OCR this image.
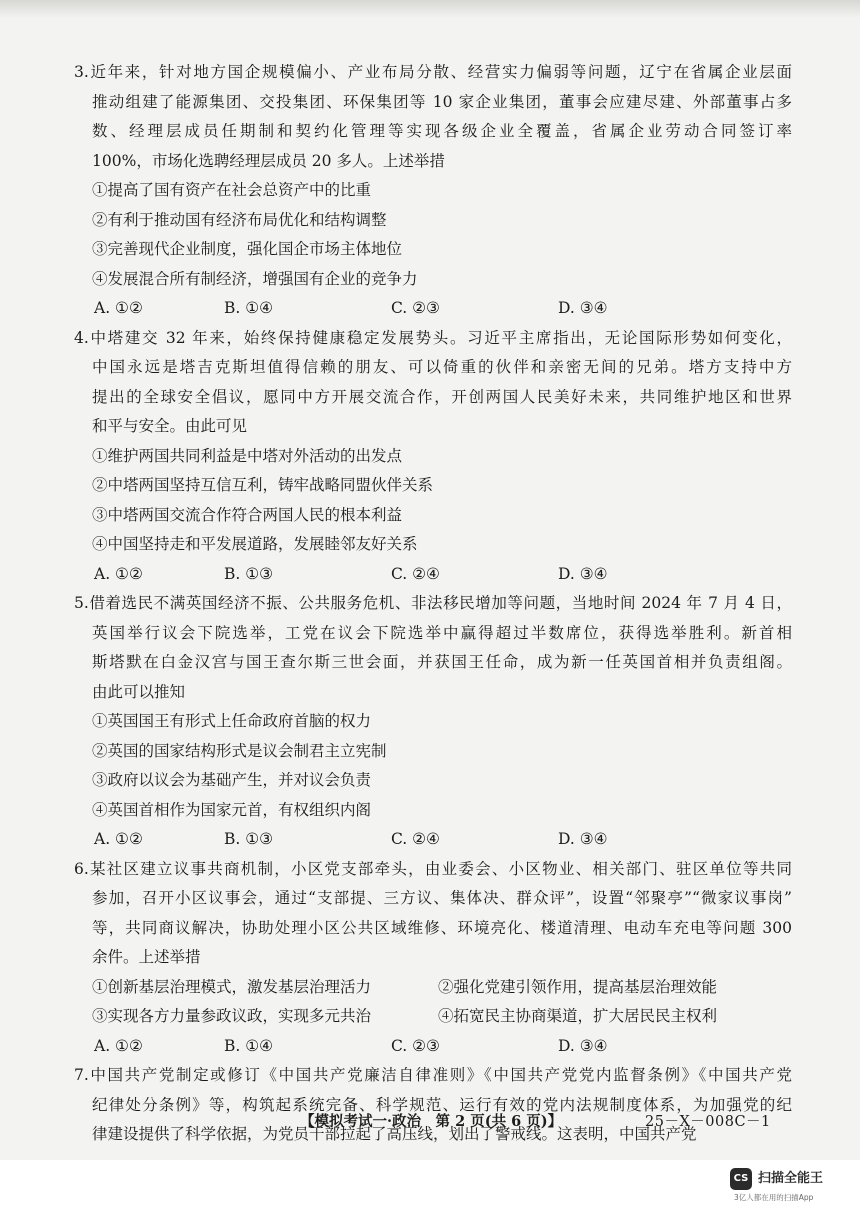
3.近年来，针对地方国企规模偏小、产业布局分散、经营实力偏弱等问题，辽宁在省属企业层面
推动组建了能源集团、交投集团、环保集团等 10 家企业集团，董事会应建尽建、外部董事占多
数、经理层成员任期制和契约化管理等实现各级企业全覆盖，省属企业劳动合同签订率
100%，市场化选聘经理层成员 20 多人。上述举措
①提高了国有资产在社会总资产中的比重
②有利于推动国有经济布局优化和结构调整
③完善现代企业制度，强化国企市场主体地位
④发展混合所有制经济，增强国有企业的竞争力
A. ①②	B. ①④	C. ②③	D. ③④
4.中塔建交 32 年来，始终保持健康稳定发展势头。习近平主席指出，无论国际形势如何变化，
中国永远是塔吉克斯坦值得信赖的朋友、可以倚重的伙伴和亲密无间的兄弟。塔方支持中方
提出的全球安全倡议，愿同中方开展交流合作，开创两国人民美好未来，共同维护地区和世界
和平与安全。由此可见
①维护两国共同利益是中塔对外活动的出发点
②中塔两国坚持互信互利，铸牢战略同盟伙伴关系
③中塔两国交流合作符合两国人民的根本利益
④中国坚持走和平发展道路，发展睦邻友好关系
A. ①②	B. ①③	C. ②④	D. ③④
5.借着选民不满英国经济不振、公共服务危机、非法移民增加等问题，当地时间 2024 年 7 月 4 日，
英国举行议会下院选举，工党在议会下院选举中赢得超过半数席位，获得选举胜利。新首相
斯塔默在白金汉宫与国王查尔斯三世会面，并获国王任命，成为新一任英国首相并负责组阁。
由此可以推知
①英国国王有形式上任命政府首脑的权力
②英国的国家结构形式是议会制君主立宪制
③政府以议会为基础产生，并对议会负责
④英国首相作为国家元首，有权组织内阁
A. ①②	B. ①③	C. ②④	D. ③④
6.某社区建立议事共商机制，小区党支部牵头，由业委会、小区物业、相关部门、驻区单位等共同
参加，召开小区议事会，通过“支部提、三方议、集体决、群众评”，设置“邻聚亭”“微家议事岗”
等，共同商议解决，协助处理小区公共区域维修、环境亮化、楼道清理、电动车充电等问题 300
余件。上述举措
①创新基层治理模式，激发基层治理活力	②强化党建引领作用，提高基层治理效能
③实现各方力量参政议政，实现多元共治	④拓宽民主协商渠道，扩大居民民主权利
A. ①②	B. ①④	C. ②③	D. ③④
7.中国共产党制定或修订《中国共产党廉洁自律准则》《中国共产党党内监督条例》《中国共产党
纪律处分条例》等，构筑起系统完备、科学规范、运行有效的党内法规制度体系，为加强党的纪
律建设提供了科学依据，为党员干部拉起了高压线，划出了警戒线。这表明，中国共产党
【模拟考试一·政治　第 2 页(共 6 页)】	25－X－008C－1
CS 扫描全能王
3亿人都在用的扫描App
